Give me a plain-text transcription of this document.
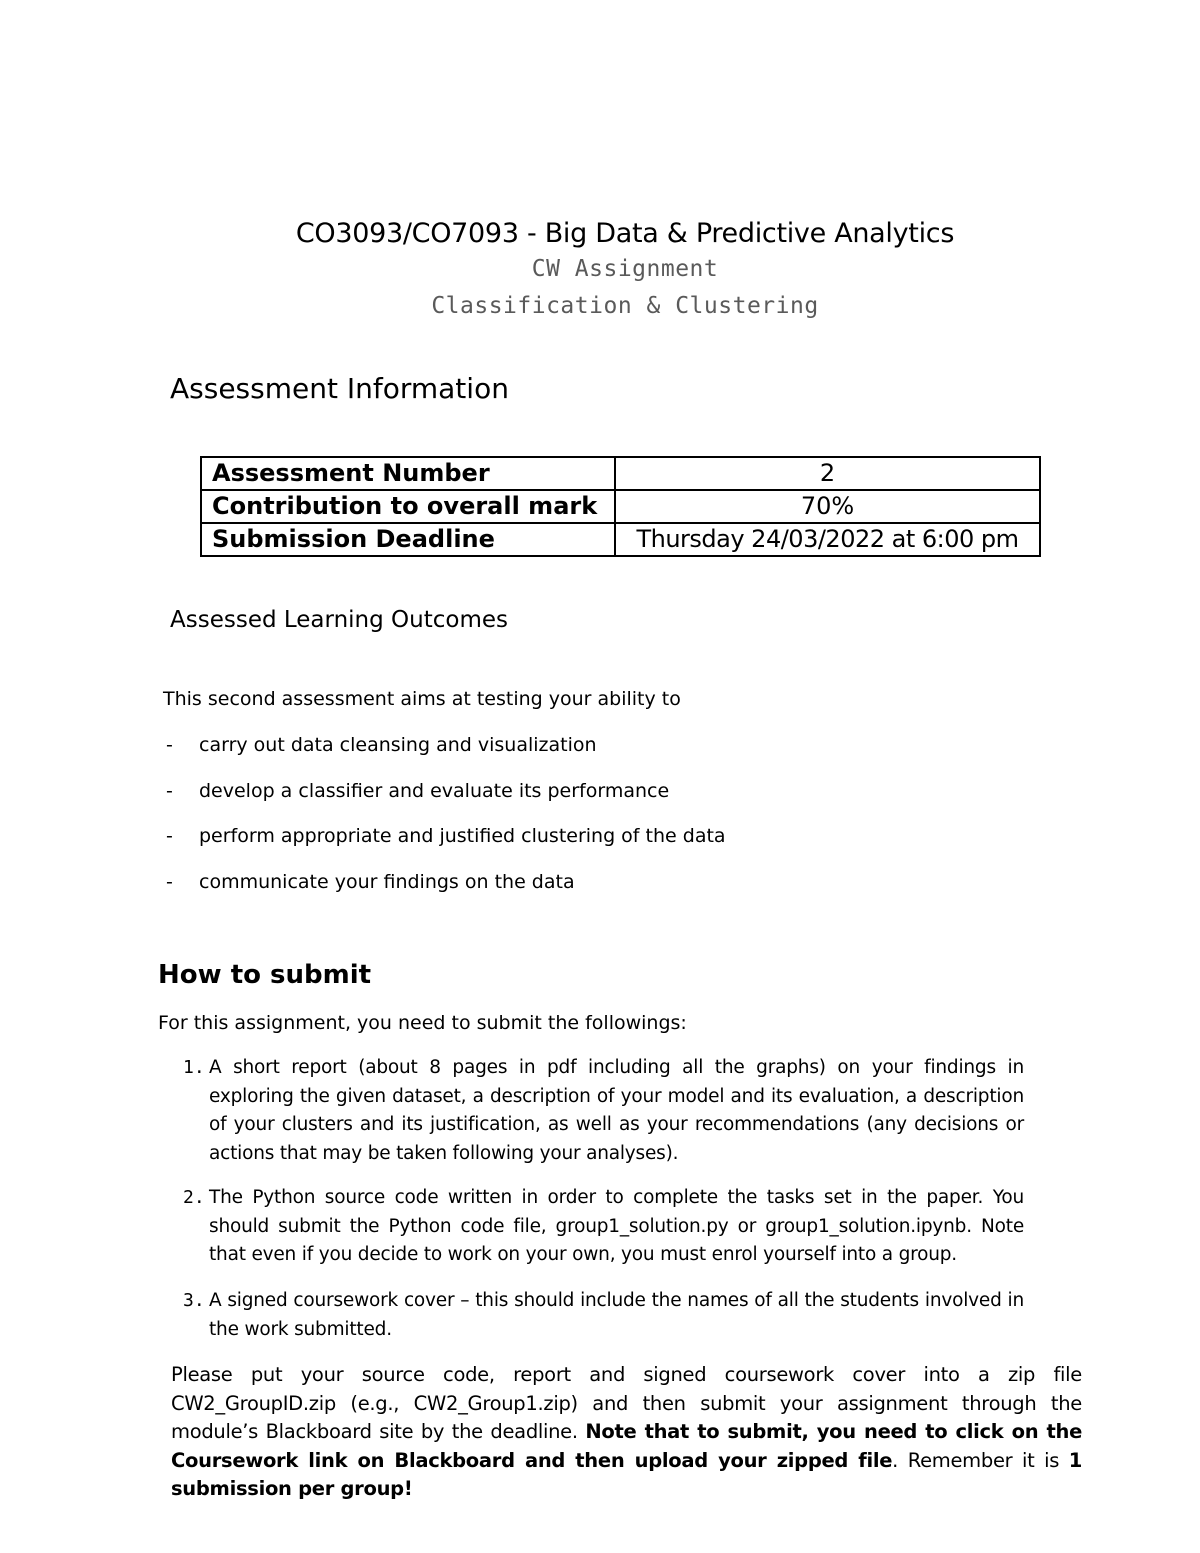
CO3093/CO7093 - Big Data & Predictive Analytics
CW Assignment
Classification & Clustering
Assessment Information
Assessment Number	2
Contribution to overall mark	70%
Submission Deadline	Thursday 24/03/2022 at 6:00 pm
Assessed Learning Outcomes
This second assessment aims at testing your ability to
- carry out data cleansing and visualization
- develop a classifier and evaluate its performance
- perform appropriate and justified clustering of the data
- communicate your findings on the data
How to submit
For this assignment, you need to submit the followings:
1. A short report (about 8 pages in pdf including all the graphs) on your findings in exploring the given dataset, a description of your model and its evaluation, a description of your clusters and its justification, as well as your recommendations (any decisions or actions that may be taken following your analyses).
2. The Python source code written in order to complete the tasks set in the paper. You should submit the Python code file, group1_solution.py or group1_solution.ipynb. Note that even if you decide to work on your own, you must enrol yourself into a group.
3. A signed coursework cover – this should include the names of all the students involved in the work submitted.
Please put your source code, report and signed coursework cover into a zip file CW2_GroupID.zip (e.g., CW2_Group1.zip) and then submit your assignment through the module’s Blackboard site by the deadline. Note that to submit, you need to click on the Coursework link on Blackboard and then upload your zipped file. Remember it is 1 submission per group!
